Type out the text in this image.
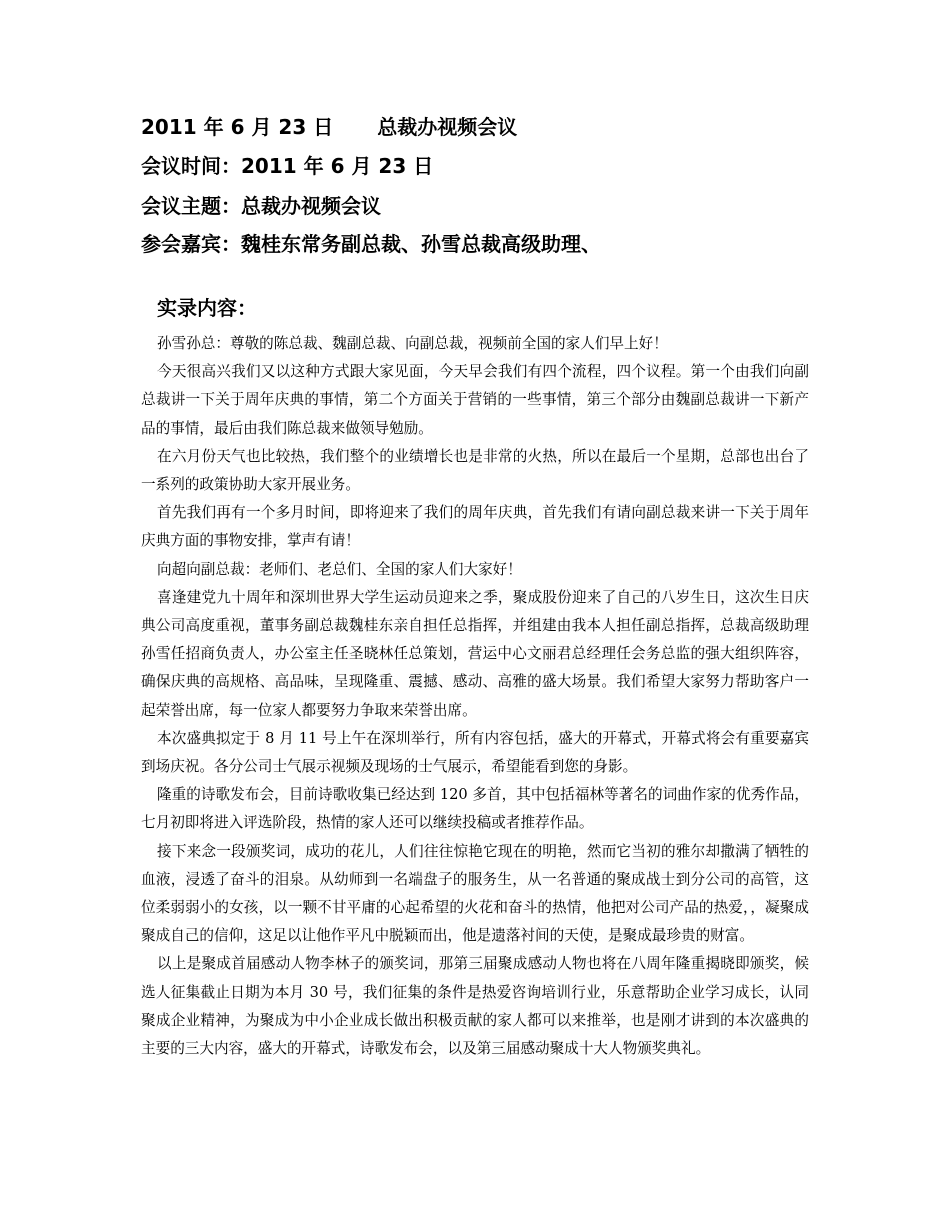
2011 年 6 月 23 日 总裁办视频会议
会议时间：2011 年 6 月 23 日
会议主题：总裁办视频会议
参会嘉宾：魏桂东常务副总裁、孙雪总裁高级助理、
实录内容：

孙雪孙总：尊敬的陈总裁、魏副总裁、向副总裁，视频前全国的家人们早上好！

今天很高兴我们又以这种方式跟大家见面，今天早会我们有四个流程，四个议程。第一个由我们向副总裁讲一下关于周年庆典的事情，第二个方面关于营销的一些事情，第三个部分由魏副总裁讲一下新产品的事情，最后由我们陈总裁来做领导勉励。

在六月份天气也比较热，我们整个的业绩增长也是非常的火热，所以在最后一个星期，总部也出台了一系列的政策协助大家开展业务。

首先我们再有一个多月时间，即将迎来了我们的周年庆典，首先我们有请向副总裁来讲一下关于周年庆典方面的事物安排，掌声有请！

向超向副总裁：老师们、老总们、全国的家人们大家好！

喜逢建党九十周年和深圳世界大学生运动员迎来之季，聚成股份迎来了自己的八岁生日，这次生日庆典公司高度重视，董事务副总裁魏桂东亲自担任总指挥，并组建由我本人担任副总指挥，总裁高级助理孙雪任招商负责人，办公室主任圣晓林任总策划，营运中心文丽君总经理任会务总监的强大组织阵容，确保庆典的高规格、高品味，呈现隆重、震撼、感动、高雅的盛大场景。我们希望大家努力帮助客户一起荣誉出席，每一位家人都要努力争取来荣誉出席。

本次盛典拟定于 8 月 11 号上午在深圳举行，所有内容包括，盛大的开幕式，开幕式将会有重要嘉宾到场庆祝。各分公司士气展示视频及现场的士气展示，希望能看到您的身影。

隆重的诗歌发布会，目前诗歌收集已经达到 120 多首，其中包括福林等著名的词曲作家的优秀作品，七月初即将进入评选阶段，热情的家人还可以继续投稿或者推荐作品。

接下来念一段颁奖词，成功的花儿，人们往往惊艳它现在的明艳，然而它当初的雅尔却撒满了牺牲的血液，浸透了奋斗的泪泉。从幼师到一名端盘子的服务生，从一名普通的聚成战士到分公司的高管，这位柔弱弱小的女孩，以一颗不甘平庸的心起希望的火花和奋斗的热情，他把对公司产品的热爱，，凝聚成聚成自己的信仰，这足以让他作平凡中脱颖而出，他是遗落衬间的天使，是聚成最珍贵的财富。

以上是聚成首届感动人物李林子的颁奖词，那第三届聚成感动人物也将在八周年隆重揭晓即颁奖，候选人征集截止日期为本月 30 号，我们征集的条件是热爱咨询培训行业，乐意帮助企业学习成长，认同聚成企业精神，为聚成为中小企业成长做出积极贡献的家人都可以来推举，也是刚才讲到的本次盛典的主要的三大内容，盛大的开幕式，诗歌发布会，以及第三届感动聚成十大人物颁奖典礼。
